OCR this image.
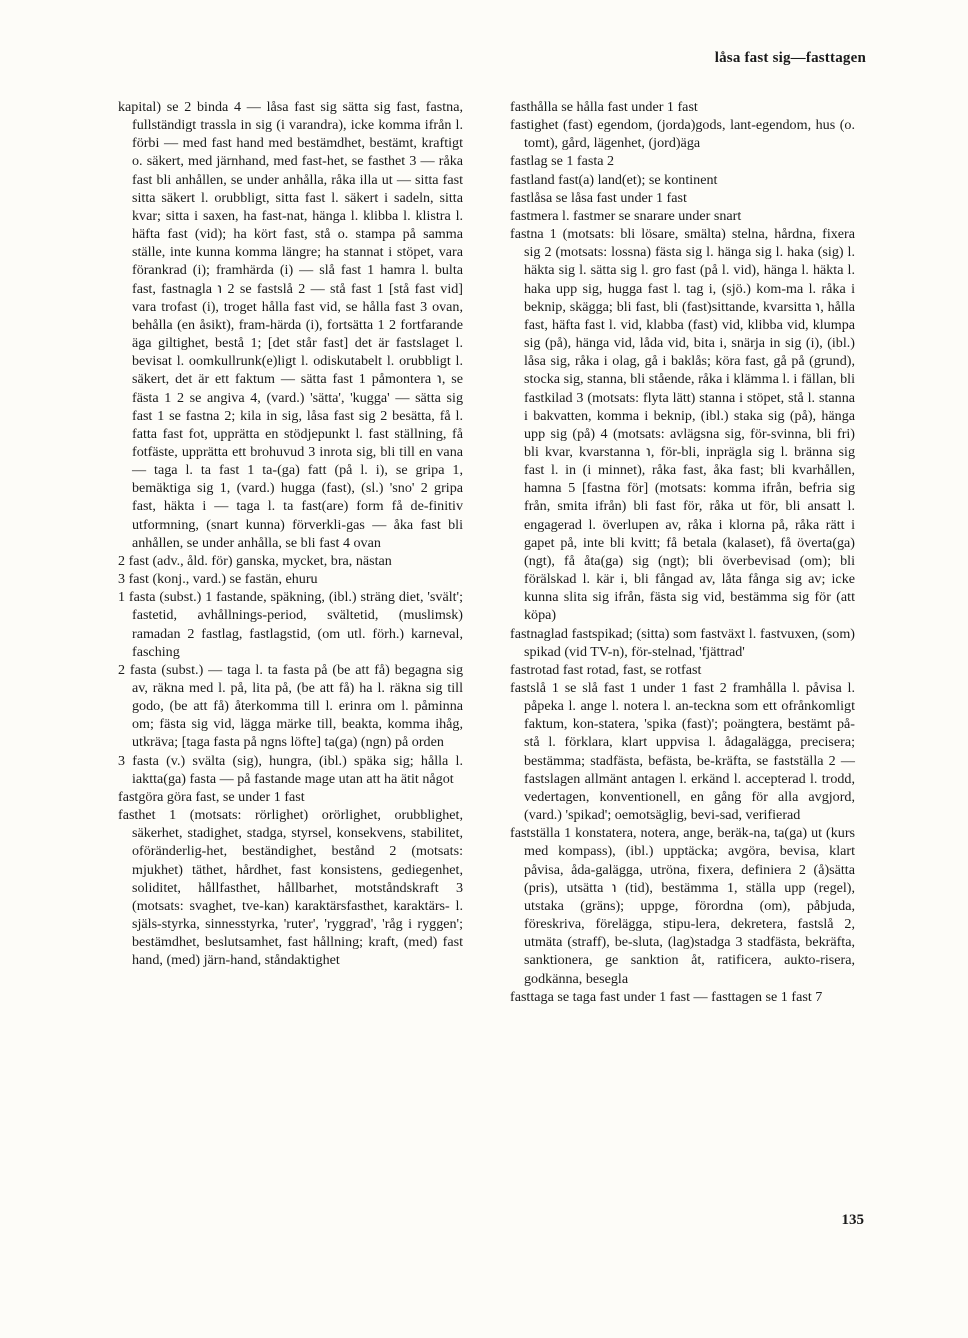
låsa fast sig—fasttagen

kapital) se 2 binda 4 — låsa fast sig sätta sig fast, fastna, fullständigt trassla in sig (i varandra), icke komma ifrån l. förbi — med fast hand med bestämdhet, bestämt, kraftigt o. säkert, med järnhand, med fast-het, se fasthet 3 — råka fast bli anhållen, se under anhålla, råka illa ut — sitta fast sitta säkert l. orubbligt, sitta fast l. säkert i sadeln, sitta kvar; sitta i saxen, ha fast-nat, hänga l. klibba l. klistra l. häfta fast (vid); ha kört fast, stå o. stampa på samma ställe, inte kunna komma längre; ha stannat i stöpet, vara förankrad (i); framhärda (i) — slå fast 1 hamra l. bulta fast, fastnagla ℩ 2 se fastslå 2 — stå fast 1 [stå fast vid] vara trofast (i), troget hålla fast vid, se hålla fast 3 ovan, behålla (en åsikt), fram-härda (i), fortsätta 1 2 fortfarande äga giltighet, bestå 1; [det står fast] det är fastslaget l. bevisat l. oomkullrunk(e)ligt l. odiskutabelt l. orubbligt l. säkert, det är ett faktum — sätta fast 1 påmontera ℩, se fästa 1 2 se angiva 4, (vard.) 'sätta', 'kugga' — sätta sig fast 1 se fastna 2; kila in sig, låsa fast sig 2 besätta, få l. fatta fast fot, upprätta en stödjepunkt l. fast ställning, få fotfäste, upprätta ett brohuvud 3 inrota sig, bli till en vana — taga l. ta fast 1 ta-(ga) fatt (på l. i), se gripa 1, bemäktiga sig 1, (vard.) hugga (fast), (sl.) 'sno' 2 gripa fast, häkta i — taga l. ta fast(are) form få de-finitiv utformning, (snart kunna) förverkli-gas — åka fast bli anhållen, se under anhålla, se bli fast 4 ovan

2 fast (adv., åld. för) ganska, mycket, bra, nästan

3 fast (konj., vard.) se fastän, ehuru

1 fasta (subst.) 1 fastande, späkning, (ibl.) sträng diet, 'svält'; fastetid, avhållnings-period, svältetid, (muslimsk) ramadan 2 fastlag, fastlagstid, (om utl. förh.) karneval, fasching

2 fasta (subst.) — taga l. ta fasta på (be att få) begagna sig av, räkna med l. på, lita på, (be att få) ha l. räkna sig till godo, (be att få) återkomma till l. erinra om l. påminna om; fästa sig vid, lägga märke till, beakta, komma ihåg, utkräva; [taga fasta på ngns löfte] ta(ga) (ngn) på orden

3 fasta (v.) svälta (sig), hungra, (ibl.) späka sig; hålla l. iaktta(ga) fasta — på fastande mage utan att ha ätit något

fastgöra göra fast, se under 1 fast

fasthet 1 (motsats: rörlighet) orörlighet, orubblighet, säkerhet, stadighet, stadga, styrsel, konsekvens, stabilitet, oföränderlig-het, beständighet, bestånd 2 (motsats: mjukhet) täthet, hårdhet, fast konsistens, gediegenhet, soliditet, hållfasthet, hållbarhet, motståndskraft 3 (motsats: svaghet, tve-kan) karaktärsfasthet, karaktärs- l. själs-styrka, sinnesstyrka, 'ruter', 'ryggrad', 'råg i ryggen'; bestämdhet, beslutsamhet, fast hållning; kraft, (med) fast hand, (med) järn-hand, ståndaktighet

fasthålla se hålla fast under 1 fast

fastighet (fast) egendom, (jorda)gods, lant-egendom, hus (o. tomt), gård, lägenhet, (jord)äga

fastlag se 1 fasta 2

fastland fast(a) land(et); se kontinent

fastlåsa se låsa fast under 1 fast

fastmera l. fastmer se snarare under snart

fastna 1 (motsats: bli lösare, smälta) stelna, hårdna, fixera sig 2 (motsats: lossna) fästa sig l. hänga sig l. haka (sig) l. häkta sig l. sätta sig l. gro fast (på l. vid), hänga l. häkta l. haka upp sig, hugga fast l. tag i, (sjö.) kom-ma l. råka i beknip, skägga; bli fast, bli (fast)sittande, kvarsitta ℩, hålla fast, häfta fast l. vid, klabba (fast) vid, klibba vid, klumpa sig (på), hänga vid, låda vid, bita i, snärja in sig (i), (ibl.) låsa sig, råka i olag, gå i baklås; köra fast, gå på (grund), stocka sig, stanna, bli stående, råka i klämma l. i fällan, bli fastkilad 3 (motsats: flyta lätt) stanna i stöpet, stå l. stanna i bakvatten, komma i beknip, (ibl.) staka sig (på), hänga upp sig (på) 4 (motsats: avlägsna sig, för-svinna, bli fri) bli kvar, kvarstanna ℩, för-bli, inprägla sig l. bränna sig fast l. in (i minnet), råka fast, åka fast; bli kvarhållen, hamna 5 [fastna för] (motsats: komma ifrån, befria sig från, smita ifrån) bli fast för, råka ut för, bli ansatt l. engagerad l. överlupen av, råka i klorna på, råka rätt i gapet på, inte bli kvitt; få betala (kalaset), få överta(ga) (ngt), få åta(ga) sig (ngt); bli överbevisad (om); bli förälskad l. kär i, bli fångad av, låta fånga sig av; icke kunna slita sig ifrån, fästa sig vid, bestämma sig för (att köpa)

fastnaglad fastspikad; (sitta) som fastväxt l. fastvuxen, (som) spikad (vid TV-n), för-stelnad, 'fjättrad'

fastrotad fast rotad, fast, se rotfast

fastslå 1 se slå fast 1 under 1 fast 2 framhålla l. påvisa l. påpeka l. ange l. notera l. an-teckna som ett ofrånkomligt faktum, kon-statera, 'spika (fast)'; poängtera, bestämt på-stå l. förklara, klart uppvisa l. ådagalägga, precisera; bestämma; stadfästa, befästa, be-kräfta, se fastställa 2 — fastslagen allmänt antagen l. erkänd l. accepterad l. trodd, vedertagen, konventionell, en gång för alla avgjord, (vard.) 'spikad'; oemotsäglig, bevi-sad, verifierad

fastställa 1 konstatera, notera, ange, beräk-na, ta(ga) ut (kurs med kompass), (ibl.) upptäcka; avgöra, bevisa, klart påvisa, åda-galägga, utröna, fixera, definiera 2 (å)sätta (pris), utsätta ℩ (tid), bestämma 1, ställa upp (regel), utstaka (gräns); uppge, förordna (om), påbjuda, föreskriva, förelägga, stipu-lera, dekretera, fastslå 2, utmäta (straff), be-sluta, (lag)stadga 3 stadfästa, bekräfta, sanktionera, ge sanktion åt, ratificera, aukto-risera, godkänna, besegla

fasttaga se taga fast under 1 fast — fasttagen se 1 fast 7

135
